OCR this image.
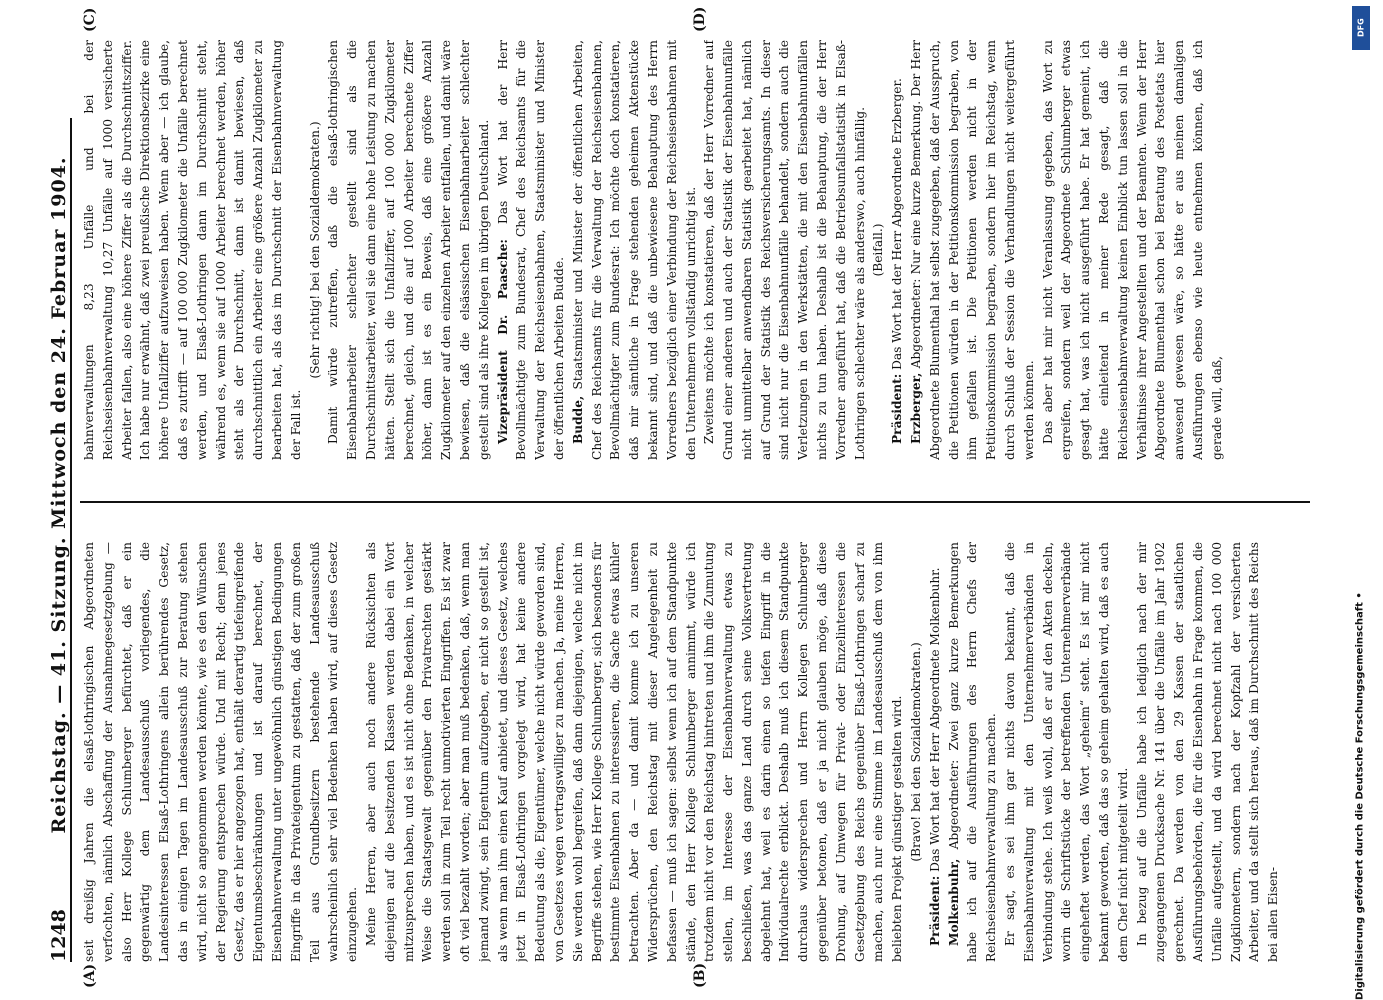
1248
Reichstag. — 41. Sitzung. Mittwoch den 24. Februar 1904.
(A)	(B)
(C)	(D)

seit dreißig Jahren die elsaß-lothringischen Abgeordneten verfochten, nämlich Abschaffung der Ausnahmegesetzgebung — also Herr Kollege Schlumberger befürchtet, daß er ein gegenwärtig dem Landesausschuß vorliegendes, die Landesinteressen Elsaß-Lothringens allein berührendes Gesetz, das in einigen Tagen im Landesausschuß zur Beratung stehen wird, nicht so angenommen werden könnte, wie es den Wünschen der Regierung entsprechen würde. Und mit Recht; denn jenes Gesetz, das er hier angezogen hat, enthält derartig tiefeingreifende Eigentumsbeschränkungen und ist darauf berechnet, der Eisenbahnverwaltung unter ungewöhnlich günstigen Bedingungen Eingriffe in das Privateigentum zu gestatten, daß der zum großen Teil aus Grundbesitzern bestehende Landesausschuß wahrscheinlich sehr viel Bedenken haben wird, auf dieses Gesetz einzugehen. Meine Herren, aber auch noch andere Rücksichten als diejenigen auf die besitzenden Klassen werden dabei ein Wort mitzusprechen haben, und es ist nicht ohne Bedenken, in welcher Weise die Staatsgewalt gegenüber den Privatrechten gestärkt werden soll in zum Teil recht unmotivierten Eingriffen. Es ist zwar oft viel bezahlt worden; aber man muß bedenken, daß, wenn man jemand zwingt, sein Eigentum aufzugeben, er nicht so gestellt ist, als wenn man ihm einen Kauf anbietet, und dieses Gesetz, welches jetzt in Elsaß-Lothringen vorgelegt wird, hat keine andere Bedeutung als die, Eigentümer, welche nicht würde geworden sind, von Gesetzes wegen vertragswilliger zu machen. Ja, meine Herren, Sie werden wohl begreifen, daß dann diejenigen, welche nicht im Begriffe stehen, wie Herr Kollege Schlumberger, sich besonders für bestimmte Eisenbahnen zu interessieren, die Sache etwas kühler betrachten. Aber da — und damit komme ich zu unseren Widersprüchen, den Reichstag mit dieser Angelegenheit zu befassen — muß ich sagen: selbst wenn ich auf dem Standpunkte stände, den Herr Kollege Schlumberger annimmt, würde ich trotzdem nicht vor den Reichstag hintreten und ihm die Zumutung stellen, im Interesse der Eisenbahnverwaltung etwas zu beschließen, was das ganze Land durch seine Volksvertretung abgelehnt hat, weil es darin einen so tiefen Eingriff in die Individualrechte erblickt. Deshalb muß ich diesem Standpunkte durchaus widersprechen und Herrn Kollegen Schlumberger gegenüber betonen, daß er ja nicht glauben möge, daß diese Drohung, auf Umwegen für Privat- oder Einzelinteressen die Gesetzgebung des Reichs gegenüber Elsaß-Lothringen scharf zu machen, auch nur eine Stimme im Landesausschuß dem von ihm beliebten Projekt günstiger gestalten wird. (Bravo! bei den Sozialdemokraten.)

Präsident: Das Wort hat der Herr Abgeordnete Molkenbuhr.

Molkenbuhr, Abgeordneter: Zwei ganz kurze Bemerkungen habe ich auf die Ausführungen des Herrn Chefs der Reichseisenbahnverwaltung zu machen. Er sagt, es sei ihm gar nichts davon bekannt, daß die Eisenbahnverwaltung mit den Unternehmerverbänden in Verbindung stehe. Ich weiß wohl, daß er auf den Akten deckeln, worin die Schriftstücke der betreffenden Unternehmerverbände eingeheftet werden, das Wort „geheim“ steht. Es ist mir nicht bekannt geworden, daß das so geheim gehalten wird, daß es auch dem Chef nicht mitgeteilt wird. In bezug auf die Unfälle habe ich lediglich nach der mir zugegangenen Drucksache Nr. 141 über die Unfälle im Jahr 1902 gerechnet. Da werden von den 29 Kassen der staatlichen Ausführungsbehörden, die für die Eisenbahn in Frage kommen, die Unfälle aufgestellt, und da wird berechnet nicht nach 100 000 Zugkilometern, sondern nach der Kopfzahl der versicherten Arbeiter, und da stellt sich heraus, daß im Durchschnitt des Reichs bei allen Eisen-

bahnverwaltungen 8,23 Unfälle und bei der Reichseisenbahnverwaltung 10,27 Unfälle auf 1000 versicherte Arbeiter fallen, also eine höhere Ziffer als die Durchschnittsziffer. Ich habe nur erwähnt, daß zwei preußische Direktionsbezirke eine höhere Unfallziffer aufzuweisen haben. Wenn aber — ich glaube, daß es zutrifft — auf 100 000 Zugkilometer die Unfälle berechnet werden, und Elsaß-Lothringen dann im Durchschnitt steht, während es, wenn sie auf 1000 Arbeiter berechnet werden, höher steht als der Durchschnitt, dann ist damit bewiesen, daß durchschnittlich ein Arbeiter eine größere Anzahl Zugkilometer zu bearbeiten hat, als das im Durchschnitt der Eisenbahnverwaltung der Fall ist.

(Sehr richtig! bei den Sozialdemokraten.) Damit würde zutreffen, daß die elsaß-lothringischen Eisenbahnarbeiter schlechter gestellt sind als die Durchschnittsarbeiter, weil sie dann eine hohe Leistung zu machen hätten. Stellt sich die Unfallziffer, auf 100 000 Zugkilometer berechnet, gleich, und die auf 1000 Arbeiter berechnete Ziffer höher, dann ist es ein Beweis, daß eine größere Anzahl Zugkilometer auf den einzelnen Arbeiter entfallen, und damit wäre bewiesen, daß die elsässischen Eisenbahnarbeiter schlechter gestellt sind als ihre Kollegen im übrigen Deutschland. Vizepräsident Dr. Paasche: Das Wort hat der Herr Bevollmächtigte zum Bundesrat, Chef des Reichsamts für die Verwaltung der Reichseisenbahnen, Staatsminister und Minister der öffentlichen Arbeiten Budde. Budde, Staatsminister und Minister der öffentlichen Arbeiten, Chef des Reichsamts für die Verwaltung der Reichseisenbahnen, Bevollmächtigter zum Bundesrat: Ich möchte doch konstatieren, daß mir sämtliche in Frage stehenden geheimen Aktenstücke bekannt sind, und daß die unbewiesene Behauptung des Herrn Vorredners bezüglich einer Verbindung der Reichseisenbahnen mit den Unternehmern vollständig unrichtig ist. Zweitens möchte ich konstatieren, daß der Herr Vorredner auf Grund einer anderen und auch der Statistik der Eisenbahnunfälle nicht unmittelbar anwendbaren Statistik gearbeitet hat, nämlich auf Grund der Statistik des Reichsversicherungsamts. In dieser sind nicht nur die Eisenbahnunfälle behandelt, sondern auch die Verletzungen in den Werkstätten, die mit den Eisenbahnunfällen nichts zu tun haben. Deshalb ist die Behauptung, die der Herr Vorredner angeführt hat, daß die Betriebsunfallstatistik in Elsaß-Lothringen schlechter wäre als anderswo, auch hinfällig. (Beifall.)

Präsident: Das Wort hat der Herr Abgeordnete Erzberger.

Erzberger, Abgeordneter: Nur eine kurze Bemerkung. Der Herr Abgeordnete Blumenthal hat selbst zugegeben, daß der Ausspruch, die Petitionen würden in der Petitionskommission begraben, von ihm gefallen ist. Die Petitionen werden nicht in der Petitionskommission begraben, sondern hier im Reichstag, wenn durch Schluß der Session die Verhandlungen nicht weitergeführt werden können. Das aber hat mir nicht Veranlassung gegeben, das Wort zu ergreifen, sondern weil der Abgeordnete Schlumberger etwas gesagt hat, was ich nicht ausgeführt habe. Er hat gemeint, ich hätte einleitend in meiner Rede gesagt, daß die Reichseisenbahnverwaltung keinen Einblick tun lassen soll in die Verhältnisse ihrer Angestellten und der Beamten. Wenn der Herr Abgeordnete Blumenthal schon bei Beratung des Postetats hier anwesend gewesen wäre, so hätte er aus meinen damaligen Ausführungen ebenso wie heute entnehmen können, daß ich gerade will, daß,

DFG
Digitalisierung gefördert durch die Deutsche Forschungsgemeinschaft •
